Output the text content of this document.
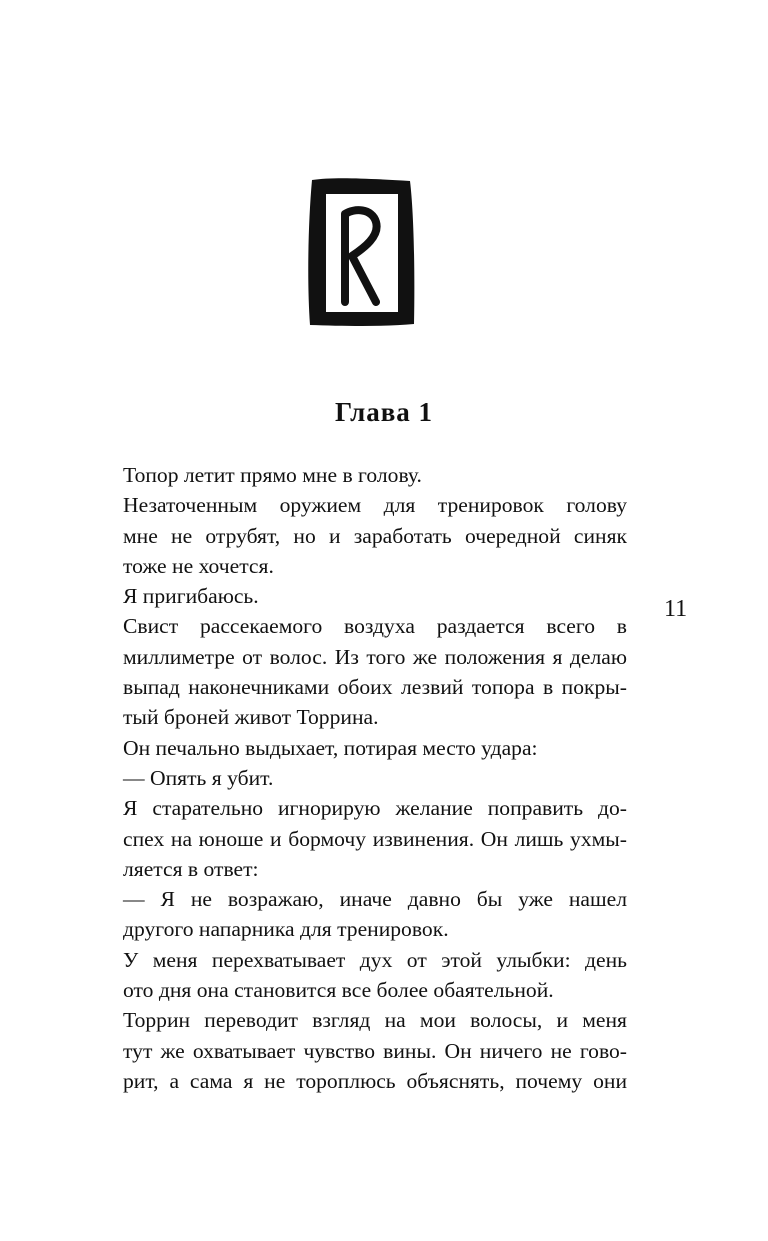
Глава 1
11

Топор летит прямо мне в голову.

Незаточенным оружием для тренировок голову
мне не отрубят, но и заработать очередной синяк
тоже не хочется.

Я пригибаюсь.

Свист рассекаемого воздуха раздается всего в
миллиметре от волос. Из того же положения я делаю
выпад наконечниками обоих лезвий топора в покры-
тый броней живот Торрина.

Он печально выдыхает, потирая место удара:

— Опять я убит.

Я старательно игнорирую желание поправить до-
спех на юноше и бормочу извинения. Он лишь ухмы-
ляется в ответ:

— Я не возражаю, иначе давно бы уже нашел
другого напарника для тренировок.

У меня перехватывает дух от этой улыбки: день
ото дня она становится все более обаятельной.

Торрин переводит взгляд на мои волосы, и меня
тут же охватывает чувство вины. Он ничего не гово-
рит, а сама я не тороплюсь объяснять, почему они
